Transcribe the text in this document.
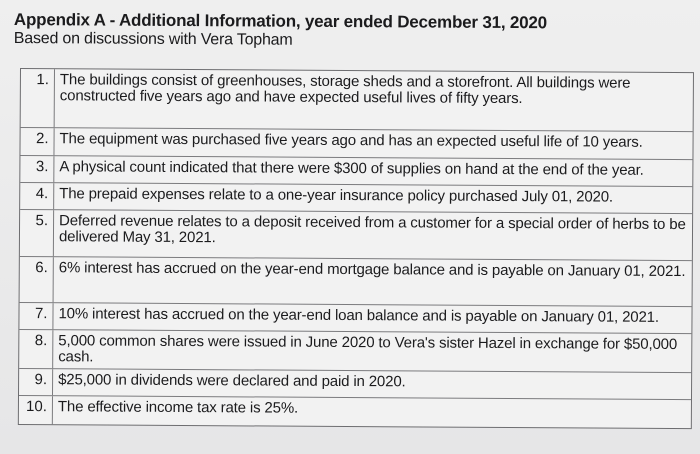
Appendix A - Additional Information, year ended December 31, 2020
Based on discussions with Vera Topham
1. The buildings consist of greenhouses, storage sheds and a storefront. All buildings were constructed five years ago and have expected useful lives of fifty years.
2. The equipment was purchased five years ago and has an expected useful life of 10 years.
3. A physical count indicated that there were $300 of supplies on hand at the end of the year.
4. The prepaid expenses relate to a one-year insurance policy purchased July 01, 2020.
5. Deferred revenue relates to a deposit received from a customer for a special order of herbs to be delivered May 31, 2021.
6. 6% interest has accrued on the year-end mortgage balance and is payable on January 01, 2021.
7. 10% interest has accrued on the year-end loan balance and is payable on January 01, 2021.
8. 5,000 common shares were issued in June 2020 to Vera's sister Hazel in exchange for $50,000 cash.
9. $25,000 in dividends were declared and paid in 2020.
10. The effective income tax rate is 25%.
